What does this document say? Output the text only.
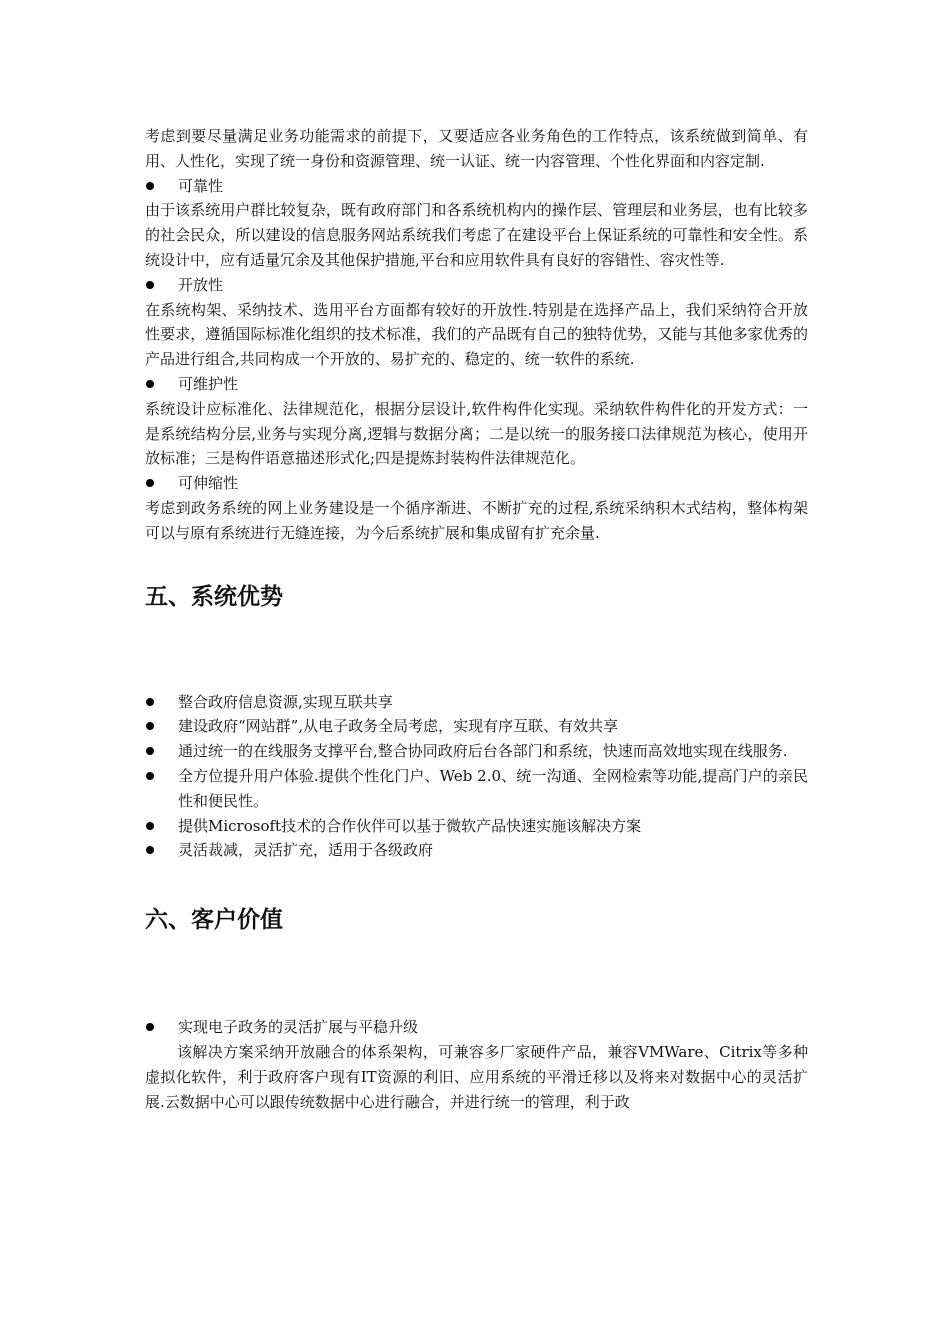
考虑到要尽量满足业务功能需求的前提下，又要适应各业务角色的工作特点，该系统做到简单、有用、人性化，实现了统一身份和资源管理、统一认证、统一内容管理、个性化界面和内容定制.

可靠性

由于该系统用户群比较复杂，既有政府部门和各系统机构内的操作层、管理层和业务层，也有比较多的社会民众，所以建设的信息服务网站系统我们考虑了在建设平台上保证系统的可靠性和安全性。系统设计中，应有适量冗余及其他保护措施,平台和应用软件具有良好的容错性、容灾性等.

开放性

在系统构架、采纳技术、选用平台方面都有较好的开放性.特别是在选择产品上，我们采纳符合开放性要求，遵循国际标准化组织的技术标准，我们的产品既有自己的独特优势，又能与其他多家优秀的产品进行组合,共同构成一个开放的、易扩充的、稳定的、统一软件的系统.

可维护性

系统设计应标准化、法律规范化，根据分层设计,软件构件化实现。采纳软件构件化的开发方式：一是系统结构分层,业务与实现分离,逻辑与数据分离；二是以统一的服务接口法律规范为核心，使用开放标准；三是构件语意描述形式化;四是提炼封装构件法律规范化。

可伸缩性

考虑到政务系统的网上业务建设是一个循序渐进、不断扩充的过程,系统采纳积木式结构，整体构架可以与原有系统进行无缝连接，为今后系统扩展和集成留有扩充余量.

五、系统优势
整合政府信息资源,实现互联共享
建设政府“网站群”,从电子政务全局考虑，实现有序互联、有效共享
通过统一的在线服务支撑平台,整合协同政府后台各部门和系统，快速而高效地实现在线服务.
全方位提升用户体验.提供个性化门户、Web 2.0、统一沟通、全网检索等功能,提高门户的亲民性和便民性。
提供Microsoft技术的合作伙伴可以基于微软产品快速实施该解决方案
灵活裁减，灵活扩充，适用于各级政府
六、客户价值
实现电子政务的灵活扩展与平稳升级

该解决方案采纳开放融合的体系架构，可兼容多厂家硬件产品，兼容VMWare、Citrix等多种虚拟化软件，利于政府客户现有IT资源的利旧、应用系统的平滑迁移以及将来对数据中心的灵活扩展.云数据中心可以跟传统数据中心进行融合，并进行统一的管理，利于政
